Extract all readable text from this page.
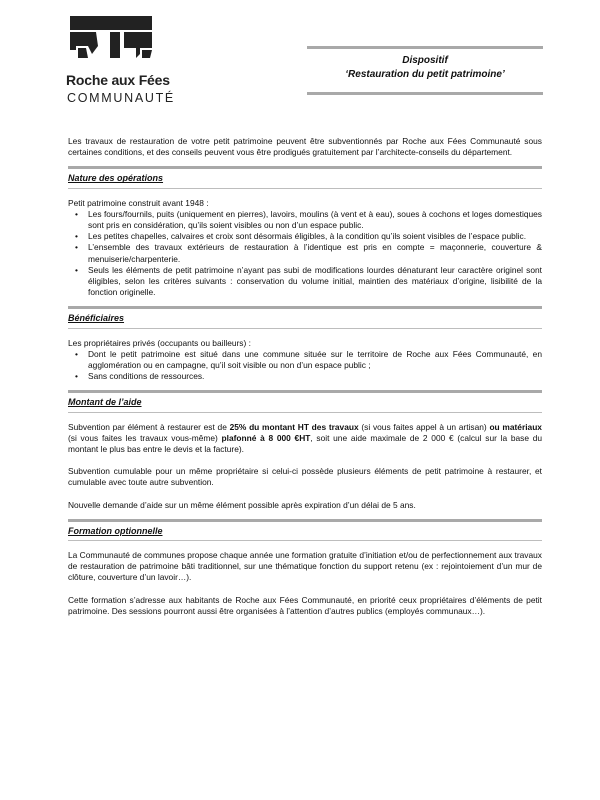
Roche aux Fées
COMMUNAUTÉ
Dispositif
‘Restauration du petit patrimoine’
Les travaux de restauration de votre petit patrimoine peuvent être subventionnés par Roche aux Fées Communauté sous certaines conditions, et des conseils peuvent vous être prodigués gratuitement par l’architecte-conseils du département.
Nature des opérations
Petit patrimoine construit avant 1948 :
• Les fours/fournils, puits (uniquement en pierres), lavoirs, moulins (à vent et à eau), soues à cochons et loges domestiques sont pris en considération, qu’ils soient visibles ou non d’un espace public.
• Les petites chapelles, calvaires et croix sont désormais éligibles, à la condition qu’ils soient visibles de l’espace public.
• L’ensemble des travaux extérieurs de restauration à l’identique est pris en compte = maçonnerie, couverture & menuiserie/charpenterie.
• Seuls les éléments de petit patrimoine n’ayant pas subi de modifications lourdes dénaturant leur caractère originel sont éligibles, selon les critères suivants : conservation du volume initial, maintien des matériaux d’origine, lisibilité de la fonction originelle.
Bénéficiaires
Les propriétaires privés (occupants ou bailleurs) :
• Dont le petit patrimoine est situé dans une commune située sur le territoire de Roche aux Fées Communauté, en agglomération ou en campagne, qu’il soit visible ou non d’un espace public ;
• Sans conditions de ressources.
Montant de l’aide
Subvention par élément à restaurer est de 25% du montant HT des travaux (si vous faites appel à un artisan) ou matériaux (si vous faites les travaux vous-même) plafonné à 8 000 €HT, soit une aide maximale de 2 000 € (calcul sur la base du montant le plus bas entre le devis et la facture).
Subvention cumulable pour un même propriétaire si celui-ci possède plusieurs éléments de petit patrimoine à restaurer, et cumulable avec toute autre subvention.
Nouvelle demande d’aide sur un même élément possible après expiration d’un délai de 5 ans.
Formation optionnelle
La Communauté de communes propose chaque année une formation gratuite d’initiation et/ou de perfectionnement aux travaux de restauration de patrimoine bâti traditionnel, sur une thématique fonction du support retenu (ex : rejointoiement d’un mur de clôture, couverture d’un lavoir…).
Cette formation s’adresse aux habitants de Roche aux Fées Communauté, en priorité ceux propriétaires d’éléments de petit patrimoine. Des sessions pourront aussi être organisées à l’attention d’autres publics (employés communaux…).
